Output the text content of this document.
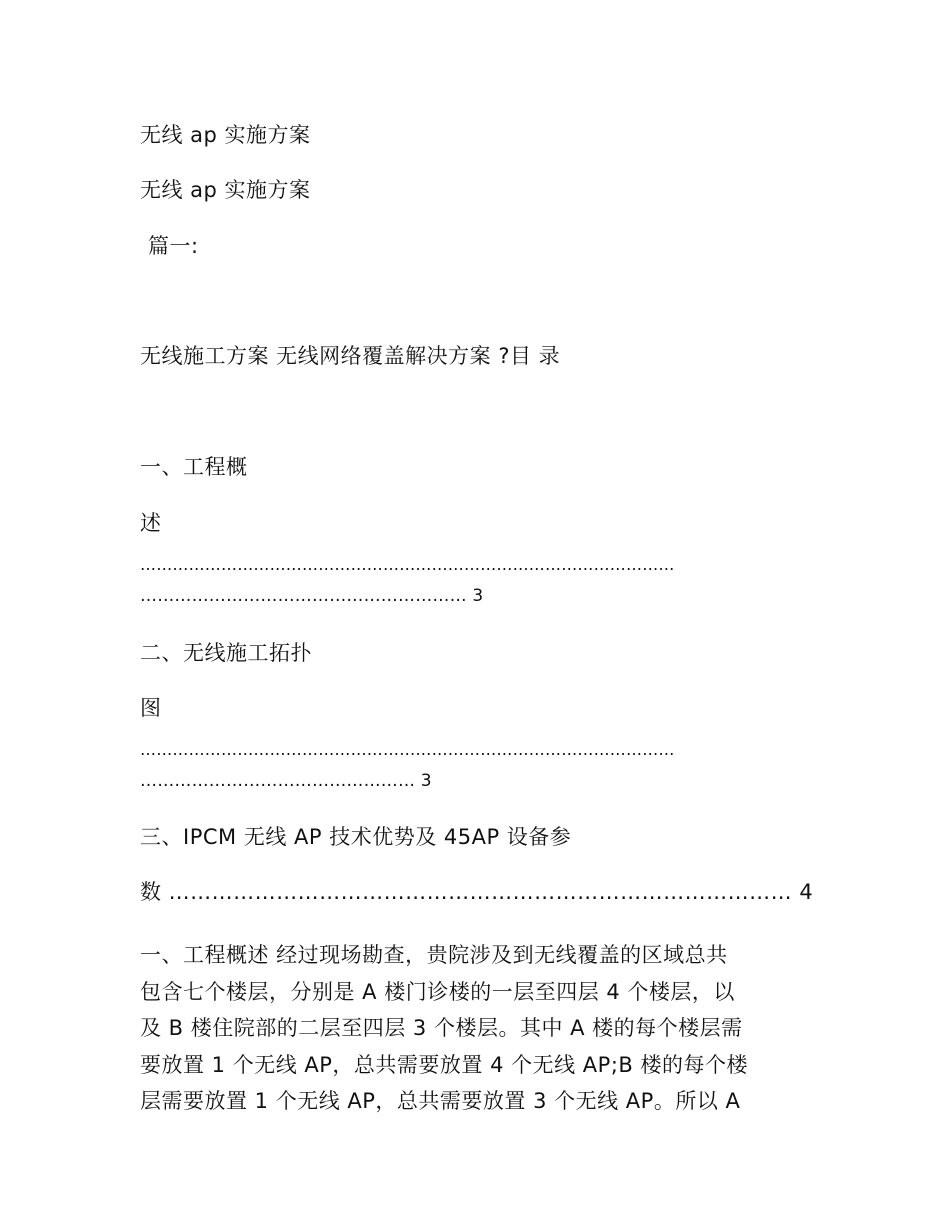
无线 ap 实施方案
无线 ap 实施方案
篇一:
无线施工方案 无线网络覆盖解决方案 ?目 录
一、工程概
述
………………………………………………………………………………………
………………………………………………… 3
二、无线施工拓扑
图
………………………………………………………………………………………
………………………………………… 3
三、IPCM 无线 AP 技术优势及 45AP 设备参
数 …………………………………………………………………………… 4
一、工程概述 经过现场勘查，贵院涉及到无线覆盖的区域总共
包含七个楼层，分别是 A 楼门诊楼的一层至四层 4 个楼层，以
及 B 楼住院部的二层至四层 3 个楼层。其中 A 楼的每个楼层需
要放置 1 个无线 AP，总共需要放置 4 个无线 AP;B 楼的每个楼
层需要放置 1 个无线 AP，总共需要放置 3 个无线 AP。所以 A
